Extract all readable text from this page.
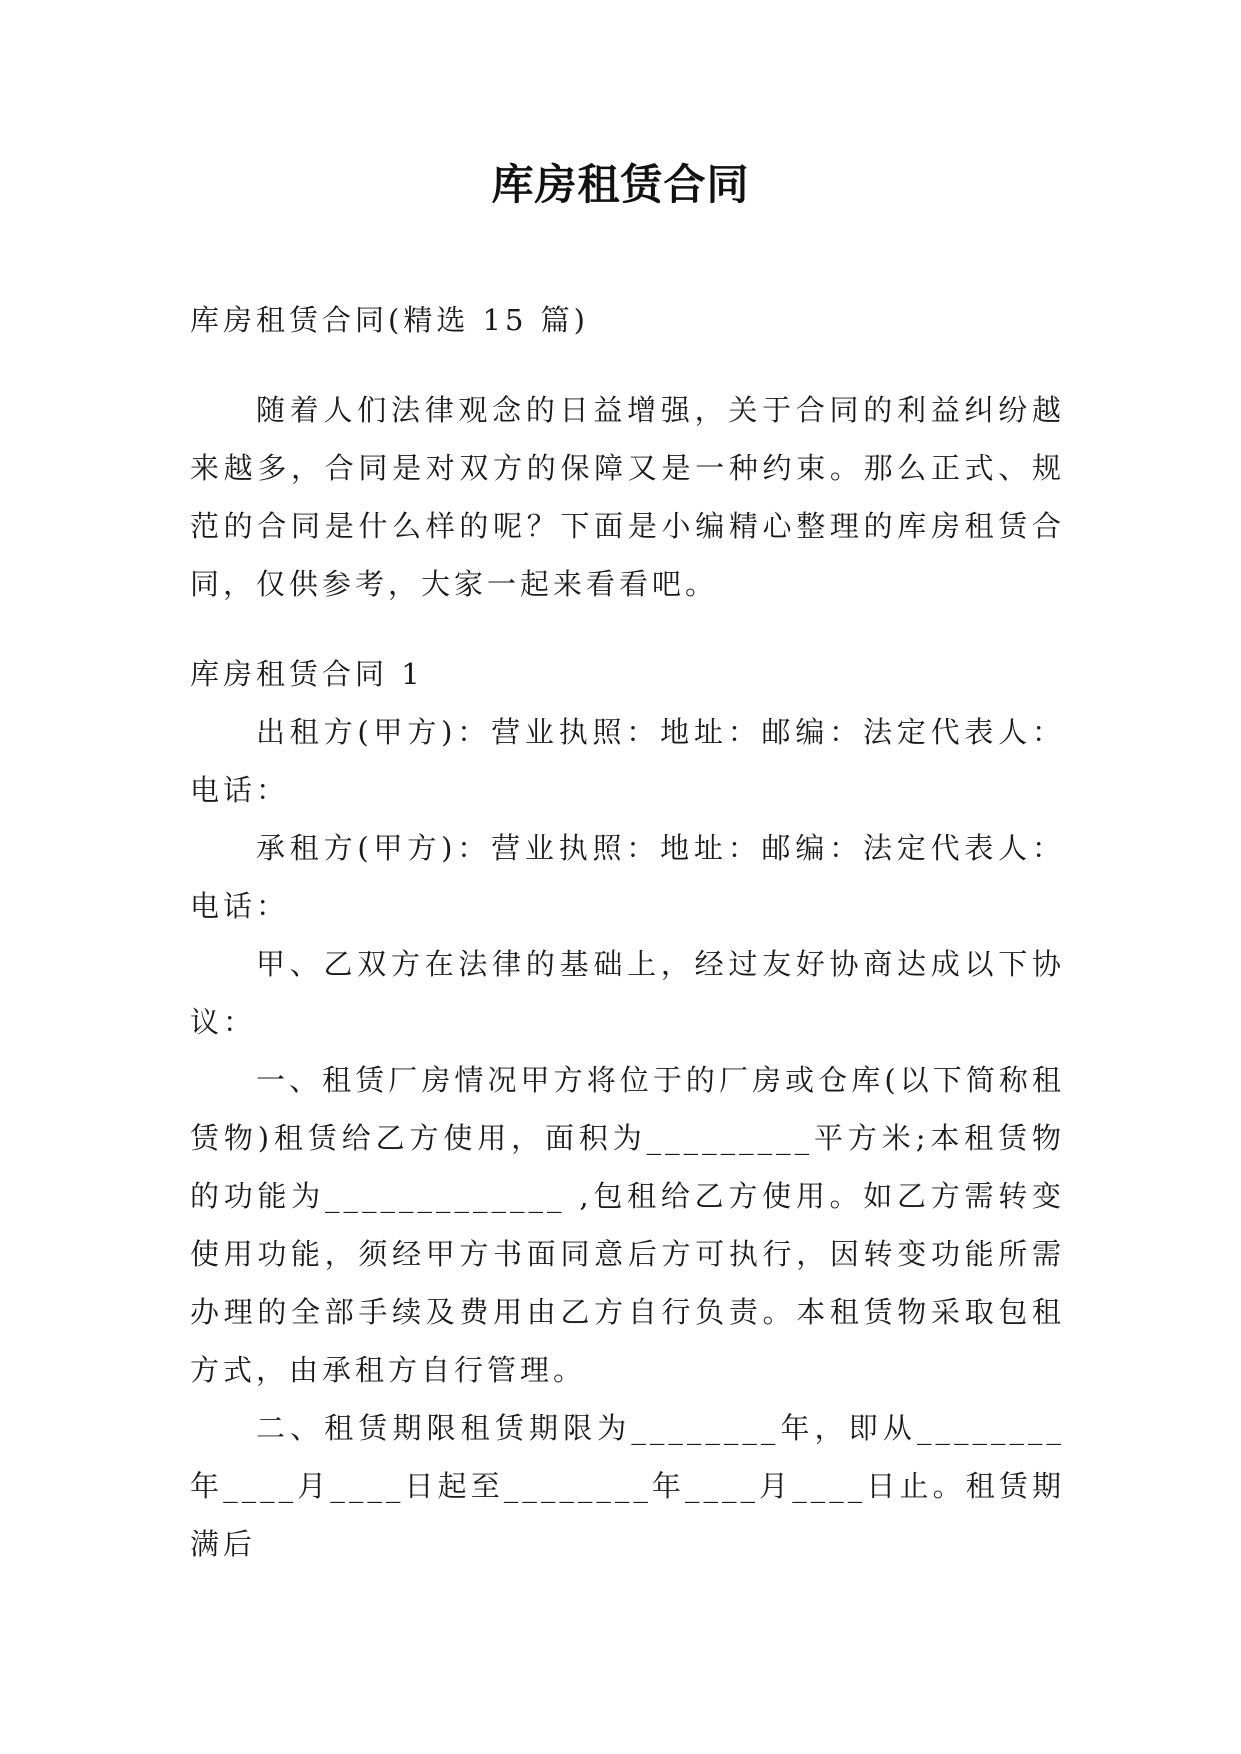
库房租赁合同

库房租赁合同(精选 15 篇)

随着人们法律观念的日益增强，关于合同的利益纠纷越来越多，合同是对双方的保障又是一种约束。那么正式、规范的合同是什么样的呢？下面是小编精心整理的库房租赁合同，仅供参考，大家一起来看看吧。

库房租赁合同 1

出租方(甲方)：营业执照：地址：邮编：法定代表人：电话：

承租方(甲方)：营业执照：地址：邮编：法定代表人：电话：

甲、乙双方在法律的基础上，经过友好协商达成以下协议：

一、租赁厂房情况甲方将位于的厂房或仓库(以下简称租赁物)租赁给乙方使用，面积为_________平方米;本租赁物的功能为_____________ ,包租给乙方使用。如乙方需转变使用功能，须经甲方书面同意后方可执行，因转变功能所需办理的全部手续及费用由乙方自行负责。本租赁物采取包租方式，由承租方自行管理。

二、租赁期限租赁期限为________年，即从________年____月____日起至________年____月____日止。租赁期满后
